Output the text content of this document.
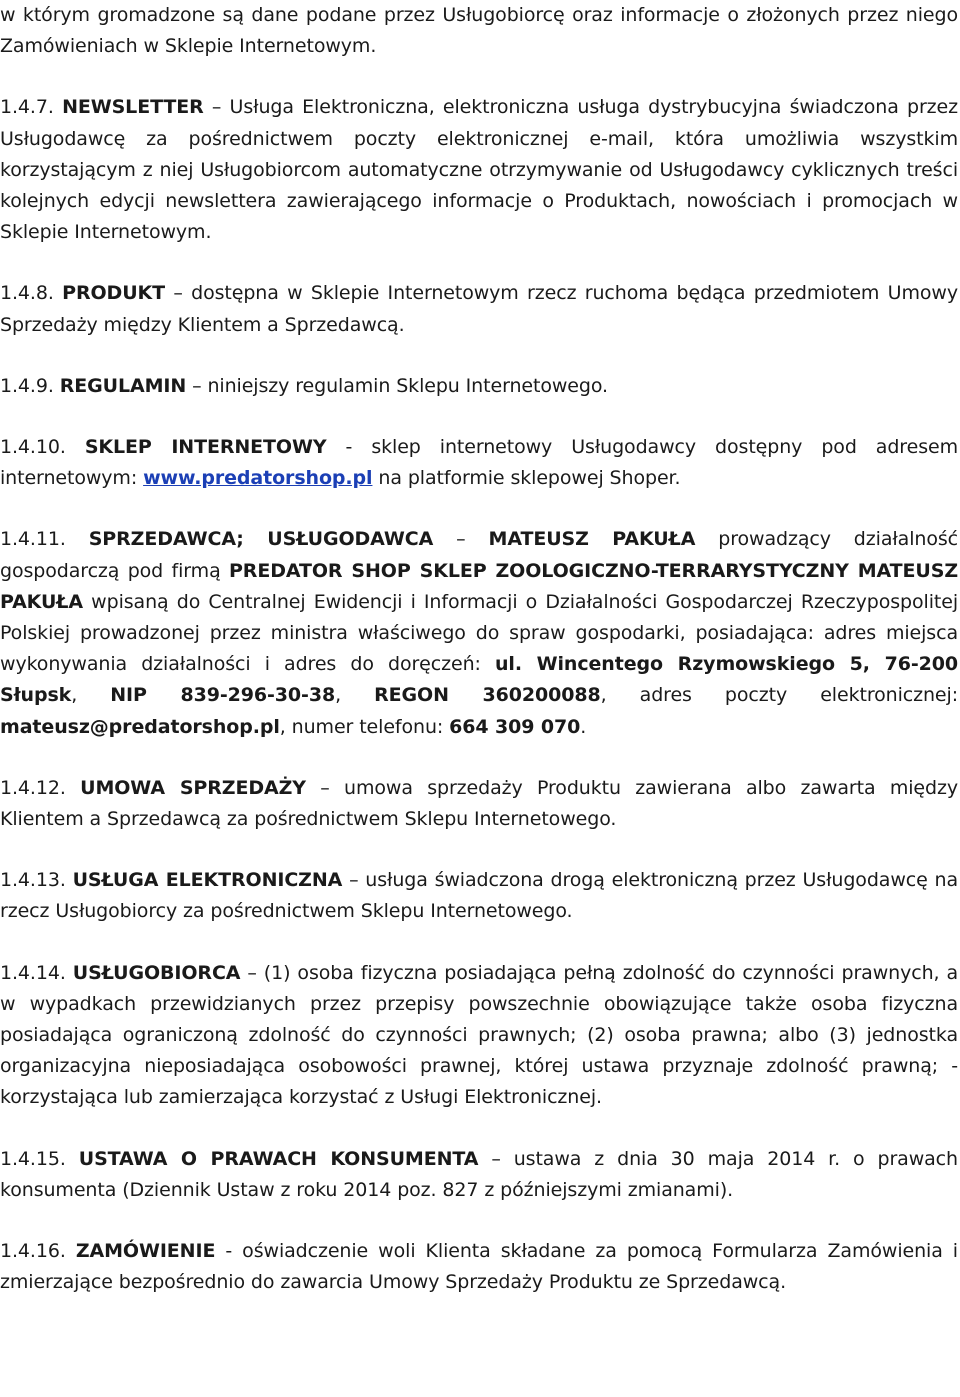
w którym gromadzone są dane podane przez Usługobiorcę oraz informacje o złożonych przez niego Zamówieniach w Sklepie Internetowym.

1.4.7. NEWSLETTER – Usługa Elektroniczna, elektroniczna usługa dystrybucyjna świadczona przez Usługodawcę za pośrednictwem poczty elektronicznej e-mail, która umożliwia wszystkim korzystającym z niej Usługobiorcom automatyczne otrzymywanie od Usługodawcy cyklicznych treści kolejnych edycji newslettera zawierającego informacje o Produktach, nowościach i promocjach w Sklepie Internetowym.

1.4.8. PRODUKT – dostępna w Sklepie Internetowym rzecz ruchoma będąca przedmiotem Umowy Sprzedaży między Klientem a Sprzedawcą.

1.4.9. REGULAMIN – niniejszy regulamin Sklepu Internetowego.

1.4.10. SKLEP INTERNETOWY - sklep internetowy Usługodawcy dostępny pod adresem internetowym: www.predatorshop.pl na platformie sklepowej Shoper.

1.4.11. SPRZEDAWCA; USŁUGODAWCA – MATEUSZ PAKUŁA prowadzący działalność gospodarczą pod firmą PREDATOR SHOP SKLEP ZOOLOGICZNO-TERRARYSTYCZNY MATEUSZ PAKUŁA wpisaną do Centralnej Ewidencji i Informacji o Działalności Gospodarczej Rzeczypospolitej Polskiej prowadzonej przez ministra właściwego do spraw gospodarki, posiadająca: adres miejsca wykonywania działalności i adres do doręczeń: ul. Wincentego Rzymowskiego 5, 76-200 Słupsk, NIP 839-296-30-38, REGON 360200088, adres poczty elektronicznej: mateusz@predatorshop.pl, numer telefonu: 664 309 070.

1.4.12. UMOWA SPRZEDAŻY – umowa sprzedaży Produktu zawierana albo zawarta między Klientem a Sprzedawcą za pośrednictwem Sklepu Internetowego.

1.4.13. USŁUGA ELEKTRONICZNA – usługa świadczona drogą elektroniczną przez Usługodawcę na rzecz Usługobiorcy za pośrednictwem Sklepu Internetowego.

1.4.14. USŁUGOBIORCA – (1) osoba fizyczna posiadająca pełną zdolność do czynności prawnych, a w wypadkach przewidzianych przez przepisy powszechnie obowiązujące także osoba fizyczna posiadająca ograniczoną zdolność do czynności prawnych; (2) osoba prawna; albo (3) jednostka organizacyjna nieposiadająca osobowości prawnej, której ustawa przyznaje zdolność prawną; - korzystająca lub zamierzająca korzystać z Usługi Elektronicznej.

1.4.15. USTAWA O PRAWACH KONSUMENTA – ustawa z dnia 30 maja 2014 r. o prawach konsumenta (Dziennik Ustaw z roku 2014 poz. 827 z późniejszymi zmianami).

1.4.16. ZAMÓWIENIE - oświadczenie woli Klienta składane za pomocą Formularza Zamówienia i zmierzające bezpośrednio do zawarcia Umowy Sprzedaży Produktu ze Sprzedawcą.
